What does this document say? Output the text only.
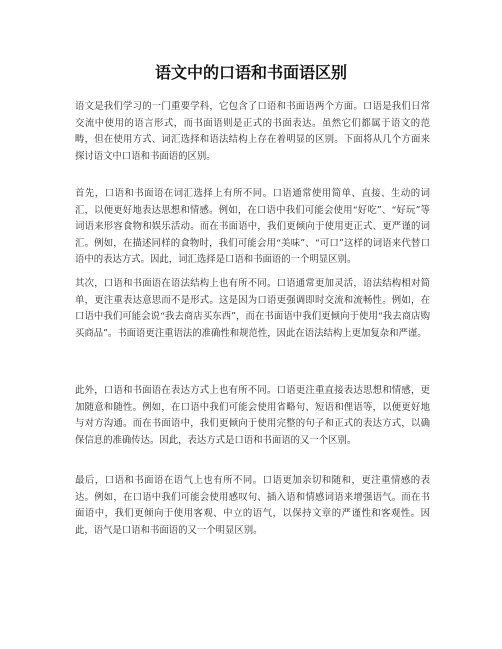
语文中的口语和书面语区别

语文是我们学习的一门重要学科，它包含了口语和书面语两个方面。口语是我们日常交流中使用的语言形式，而书面语则是正式的书面表达。虽然它们都属于语文的范畴，但在使用方式、词汇选择和语法结构上存在着明显的区别。下面将从几个方面来探讨语文中口语和书面语的区别。

首先，口语和书面语在词汇选择上有所不同。口语通常使用简单、直接、生动的词汇，以便更好地表达思想和情感。例如，在口语中我们可能会使用“好吃”、“好玩”等词语来形容食物和娱乐活动。而在书面语中，我们更倾向于使用更正式、更严谨的词汇。例如，在描述同样的食物时，我们可能会用“美味”、“可口”这样的词语来代替口语中的表达方式。因此，词汇选择是口语和书面语的一个明显区别。

其次，口语和书面语在语法结构上也有所不同。口语通常更加灵活，语法结构相对简单，更注重表达意思而不是形式。这是因为口语更强调即时交流和流畅性。例如，在口语中我们可能会说“我去商店买东西”，而在书面语中我们更倾向于使用“我去商店购买商品”。书面语更注重语法的准确性和规范性，因此在语法结构上更加复杂和严谨。

此外，口语和书面语在表达方式上也有所不同。口语更注重直接表达思想和情感，更加随意和随性。例如，在口语中我们可能会使用省略句、短语和俚语等，以便更好地与对方沟通。而在书面语中，我们更倾向于使用完整的句子和正式的表达方式，以确保信息的准确传达。因此，表达方式是口语和书面语的又一个区别。

最后，口语和书面语在语气上也有所不同。口语更加亲切和随和，更注重情感的表达。例如，在口语中我们可能会使用感叹句、插入语和情感词语来增强语气。而在书面语中，我们更倾向于使用客观、中立的语气，以保持文章的严谨性和客观性。因此，语气是口语和书面语的又一个明显区别。
